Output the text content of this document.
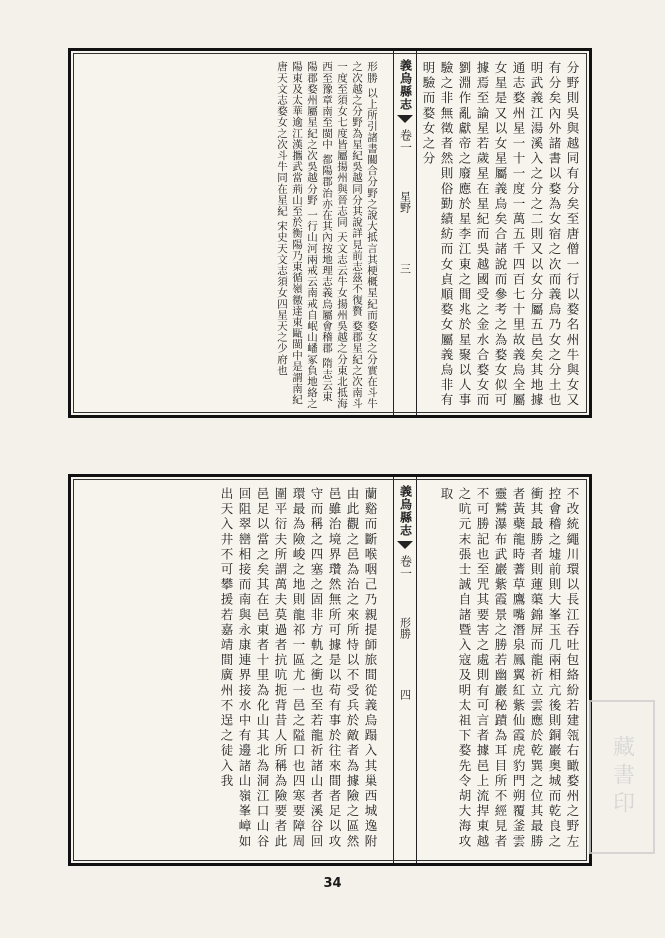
分野則吳與越同有分矣至唐僧一行以婺名州牛與女又有分矣內外諸書以婺為女宿之次而義烏乃女之分土也明武義江湯溪入之分之二則又以女分屬五邑矣其地據通志婺州星一十一度一萬五千四百七十里故義烏全屬女星是又以女星屬義烏矣合諸說而參考之為婺女似可據焉至論星若歲星在星紀而吳越國受之金水合婺女而劉淵作亂獻帝之廢應於星李江東之間兆於星聚以人事驗之非無徵者然則俗勤績紡而女貞順婺女屬義烏非有明驗而婺女之分
義烏縣志
卷一
星野
三
形勝 以上所引諸書關合分野之說大抵言其梗概星紀而婺女之分實在斗牛之次越之分野為星紀吳越同分其說詳見前志茲不復贅 婺郡星紀之次南斗一度至須女七度皆屬揚州與晉志同 天文志云牛女揚州吳越之分東北抵海西至豫章南至閩中 都陽郡治亦在其內按地理志義烏屬會稽郡 隋志云東陽郡婺州屬星紀之次吳越分野 一行山河兩戒云南戒自岷山嶓冢負地絡之陽東及太華逾江漢攜武當荊山至於衡陽乃東循嶺徼達東甌閩中是謂南紀 唐天文志婺女之次斗牛同在星紀 宋史天文志須女四星天之少府也
不改統繩川環以長江吞吐包絡紛若建瓴右瞰婺州之野左控會稽之墟前則大峯玉几兩相亢後則銅巖奥城而乾良之衝其最勝者則蓮蕖錦屏而龍祈立雲應於乾巽之位其最勝者黃蘗龍時蓍草鷹嘴潛泉鳳翼紅紫仙霞虎豹門朔覆釜雲靈鷲瀑布武巖紫霞景之勝若幽巖秘蹟為耳目所不經見者不可勝記也至咒其要害之處則有可言者據邑上流捍東越之吭元末張士誠自諸暨入寇及明太祖下婺先令胡大海攻取
義烏縣志
卷一
形勝
四
蘭谿而斷喉咽己乃親提師旅間從義烏蹋入其巢西城逸附由此觀之邑為治之來所恃以不受兵於敵者為據險之區然邑雖治境界瓚然無所可據是以苟有事於往來間者足以攻守而稱之四塞之固非方軌之衝也至若龍祈諸山者溪谷回環最為險峻之地則龍祁一區尤一邑之隘口也四寒要障周圍平衍夫所謂萬夫莫過者抗吭扼背昔人所稱為險要者此邑足以當之矣其在邑東者十里為化山其北為洞江口山谷回阻翠巒相接而南與永康連界接水中有邊諸山嶺峯嶂如出天入井不可攀援若嘉靖間廣州不逞之徒入我	藏書印
34
